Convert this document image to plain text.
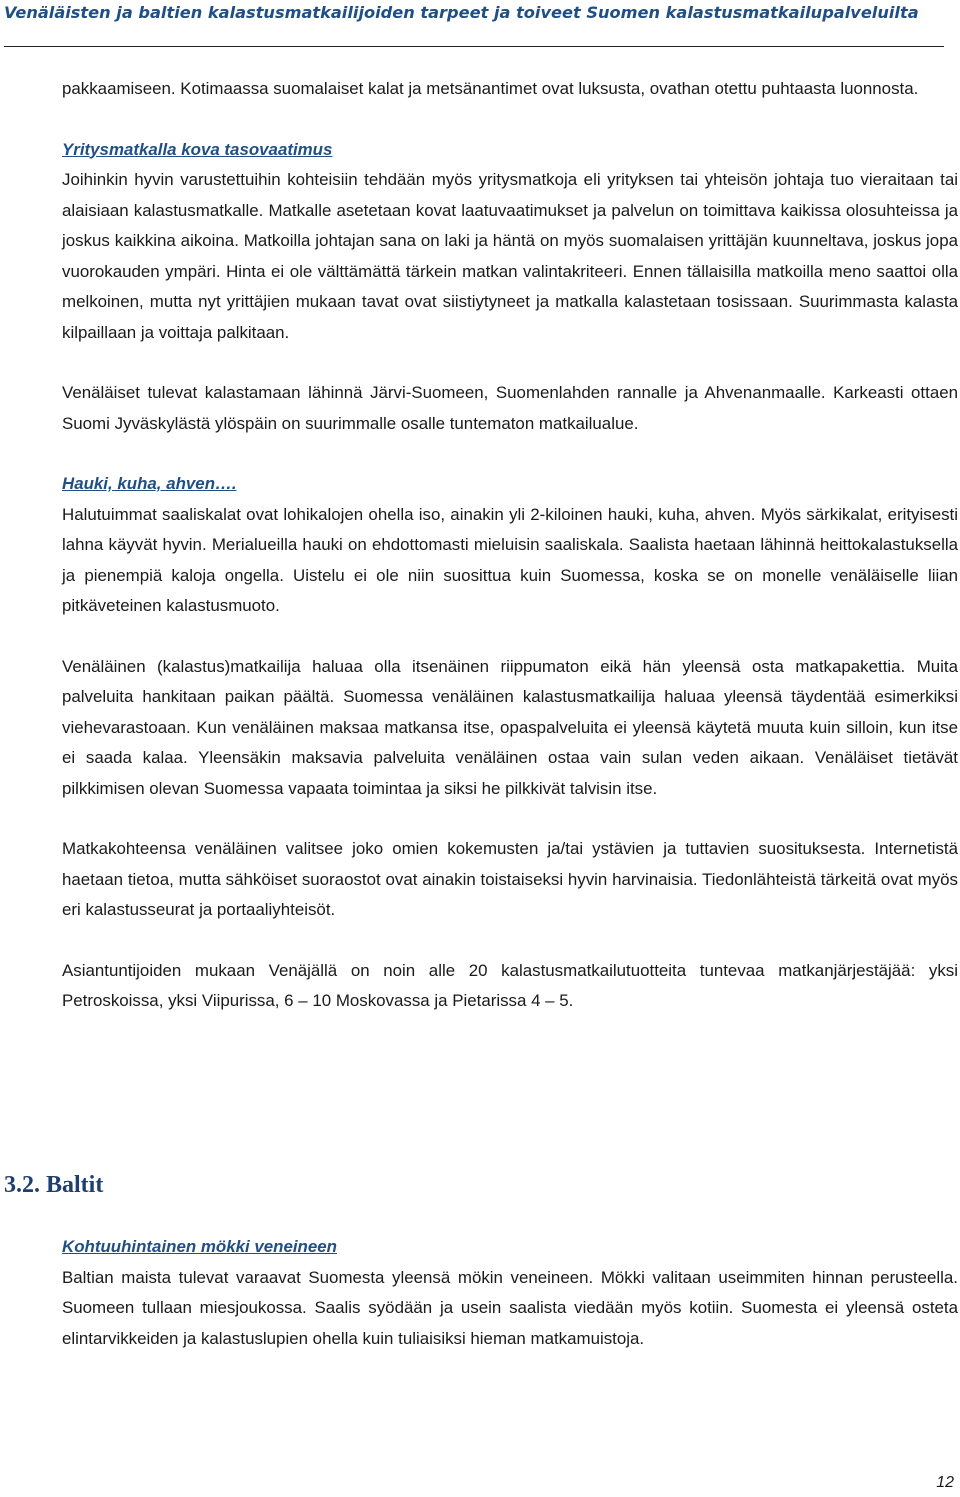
Venäläisten ja baltien kalastusmatkailijoiden tarpeet ja toiveet Suomen kalastusmatkailupalveluilta

pakkaamiseen. Kotimaassa suomalaiset kalat ja metsänantimet ovat luksusta, ovathan otettu puhtaasta luonnosta.

Yritysmatkalla kova tasovaatimus

Joihinkin hyvin varustettuihin kohteisiin tehdään myös yritysmatkoja eli yrityksen tai yhteisön johtaja tuo vieraitaan tai alaisiaan kalastusmatkalle. Matkalle asetetaan kovat laatuvaatimukset ja palvelun on toimittava kaikissa olosuhteissa ja joskus kaikkina aikoina. Matkoilla johtajan sana on laki ja häntä on myös suomalaisen yrittäjän kuunneltava, joskus jopa vuorokauden ympäri. Hinta ei ole välttämättä tärkein matkan valintakriteeri. Ennen tällaisilla matkoilla meno saattoi olla melkoinen, mutta nyt yrittäjien mukaan tavat ovat siistiytyneet ja matkalla kalastetaan tosissaan. Suurimmasta kalasta kilpaillaan ja voittaja palkitaan.

Venäläiset tulevat kalastamaan lähinnä Järvi-Suomeen, Suomenlahden rannalle ja Ahvenanmaalle. Karkeasti ottaen Suomi Jyväskylästä ylöspäin on suurimmalle osalle tuntematon matkailualue.

Hauki, kuha, ahven….

Halutuimmat saaliskalat ovat lohikalojen ohella iso, ainakin yli 2-kiloinen hauki, kuha, ahven. Myös särkikalat, erityisesti lahna käyvät hyvin. Merialueilla hauki on ehdottomasti mieluisin saaliskala. Saalista haetaan lähinnä heittokalastuksella ja pienempiä kaloja ongella. Uistelu ei ole niin suosittua kuin Suomessa, koska se on monelle venäläiselle liian pitkäveteinen kalastusmuoto.

Venäläinen (kalastus)matkailija haluaa olla itsenäinen riippumaton eikä hän yleensä osta matkapakettia. Muita palveluita hankitaan paikan päältä. Suomessa venäläinen kalastusmatkailija haluaa yleensä täydentää esimerkiksi viehevarastoaan. Kun venäläinen maksaa matkansa itse, opaspalveluita ei yleensä käytetä muuta kuin silloin, kun itse ei saada kalaa. Yleensäkin maksavia palveluita venäläinen ostaa vain sulan veden aikaan. Venäläiset tietävät pilkkimisen olevan Suomessa vapaata toimintaa ja siksi he pilkkivät talvisin itse.

Matkakohteensa venäläinen valitsee joko omien kokemusten ja/tai ystävien ja tuttavien suosituksesta. Internetistä haetaan tietoa, mutta sähköiset suoraostot ovat ainakin toistaiseksi hyvin harvinaisia. Tiedonlähteistä tärkeitä ovat myös eri kalastusseurat ja portaaliyhteisöt.

Asiantuntijoiden mukaan Venäjällä on noin alle 20 kalastusmatkailutuotteita tuntevaa matkanjärjestäjää: yksi Petroskoissa, yksi Viipurissa, 6 – 10 Moskovassa ja Pietarissa 4 – 5.

3.2. Baltit

Kohtuuhintainen mökki veneineen

Baltian maista tulevat varaavat Suomesta yleensä mökin veneineen. Mökki valitaan useimmiten hinnan perusteella. Suomeen tullaan miesjoukossa. Saalis syödään ja usein saalista viedään myös kotiin. Suomesta ei yleensä osteta elintarvikkeiden ja kalastuslupien ohella kuin tuliaisiksi hieman matkamuistoja.

12
